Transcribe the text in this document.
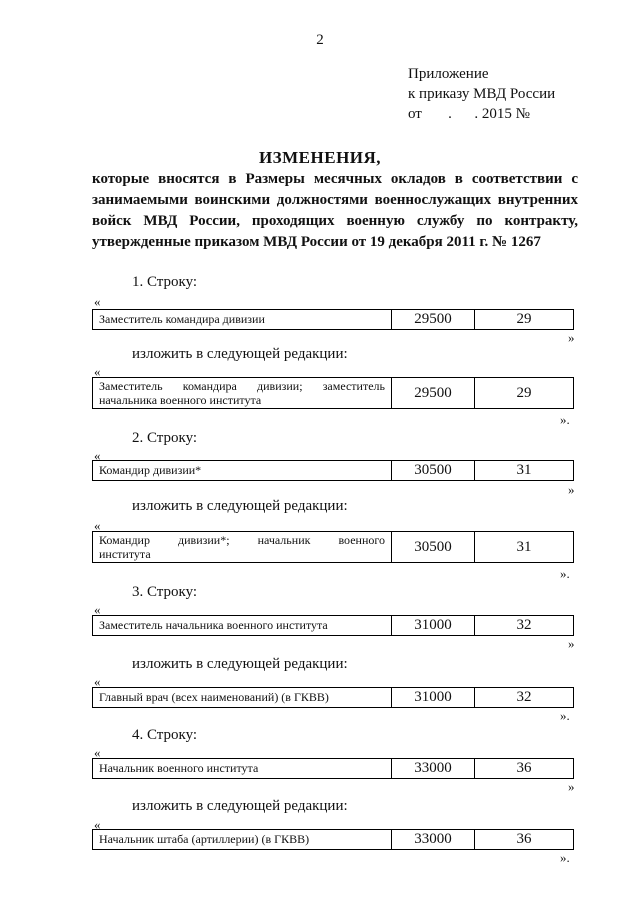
2
Приложение
к приказу МВД России
от       .      . 2015 №
ИЗМЕНЕНИЯ,
которые вносятся в Размеры месячных окладов в соответствии с занимаемыми воинскими должностями военнослужащих внутренних войск МВД России, проходящих военную службу по контракту, утвержденные приказом МВД России от 19 декабря 2011 г. № 1267
1. Строку:
«
Заместитель командира дивизии	29500	29
»
изложить в следующей редакции:
«
Заместитель командира дивизии; заместитель
начальника военного института	29500	29
».
2. Строку:
«
Командир дивизии*	30500	31
»
изложить в следующей редакции:
«
Командир дивизии*; начальник военного
института	30500	31
».
3. Строку:
«
Заместитель начальника военного института	31000	32
»
изложить в следующей редакции:
«
Главный врач (всех наименований) (в ГКВВ)	31000	32
».
4. Строку:
«
Начальник военного института	33000	36
»
изложить в следующей редакции:
«
Начальник штаба (артиллерии) (в ГКВВ)	33000	36
».
